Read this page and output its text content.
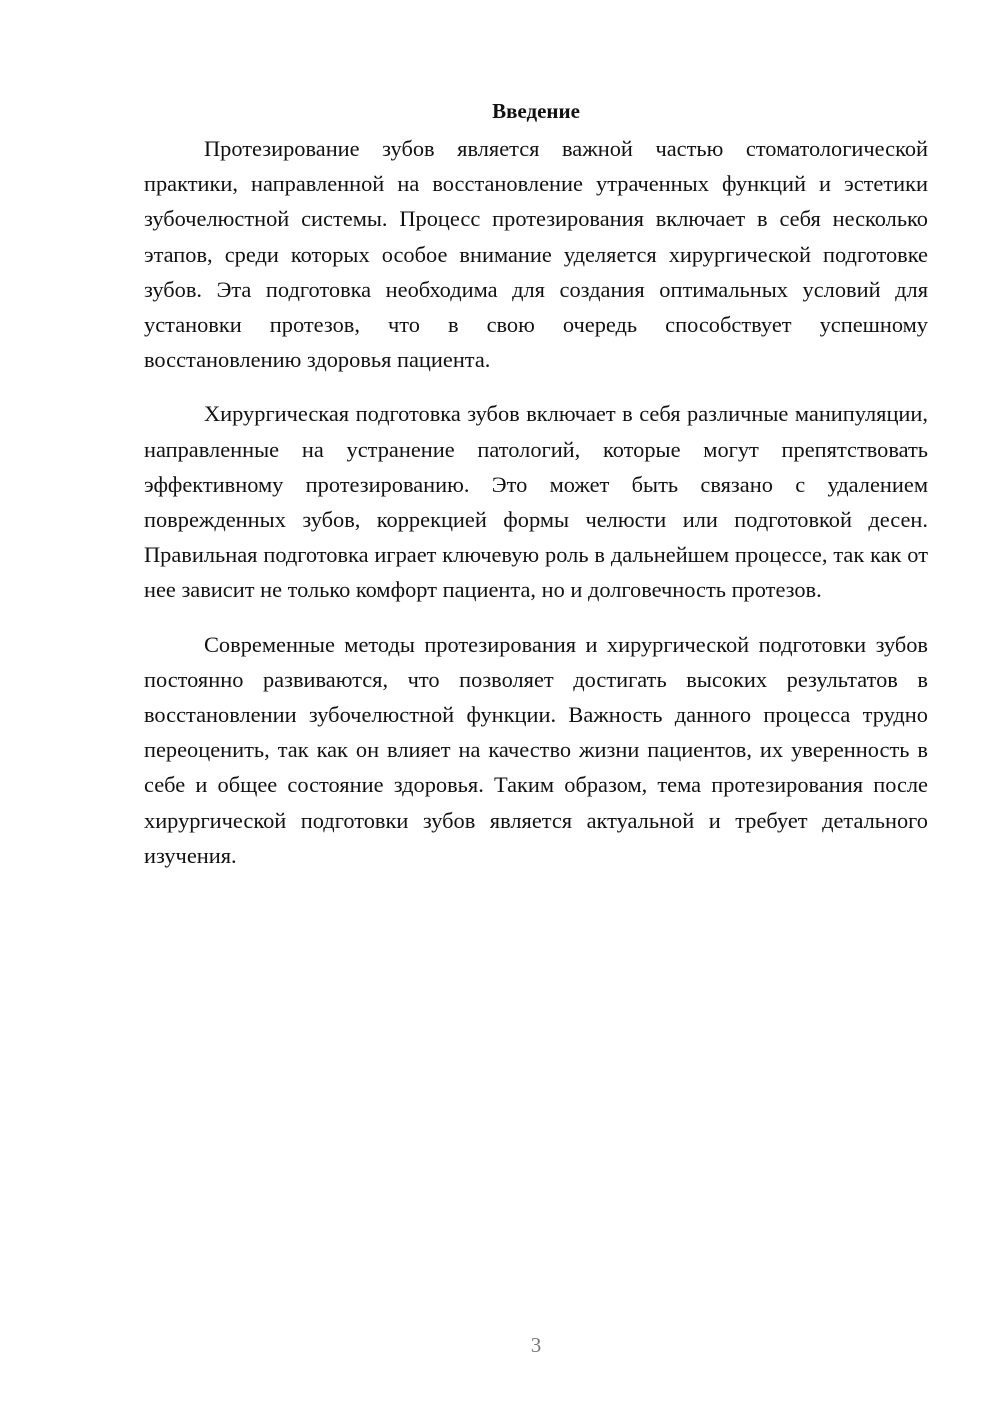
Введение

Протезирование зубов является важной частью стоматологической практики, направленной на восстановление утраченных функций и эстетики зубочелюстной системы. Процесс протезирования включает в себя несколько этапов, среди которых особое внимание уделяется хирургической подготовке зубов. Эта подготовка необходима для создания оптимальных условий для установки протезов, что в свою очередь способствует успешному восстановлению здоровья пациента.

Хирургическая подготовка зубов включает в себя различные манипуляции, направленные на устранение патологий, которые могут препятствовать эффективному протезированию. Это может быть связано с удалением поврежденных зубов, коррекцией формы челюсти или подготовкой десен. Правильная подготовка играет ключевую роль в дальнейшем процессе, так как от нее зависит не только комфорт пациента, но и долговечность протезов.

Современные методы протезирования и хирургической подготовки зубов постоянно развиваются, что позволяет достигать высоких результатов в восстановлении зубочелюстной функции. Важность данного процесса трудно переоценить, так как он влияет на качество жизни пациентов, их уверенность в себе и общее состояние здоровья. Таким образом, тема протезирования после хирургической подготовки зубов является актуальной и требует детального изучения.

3
